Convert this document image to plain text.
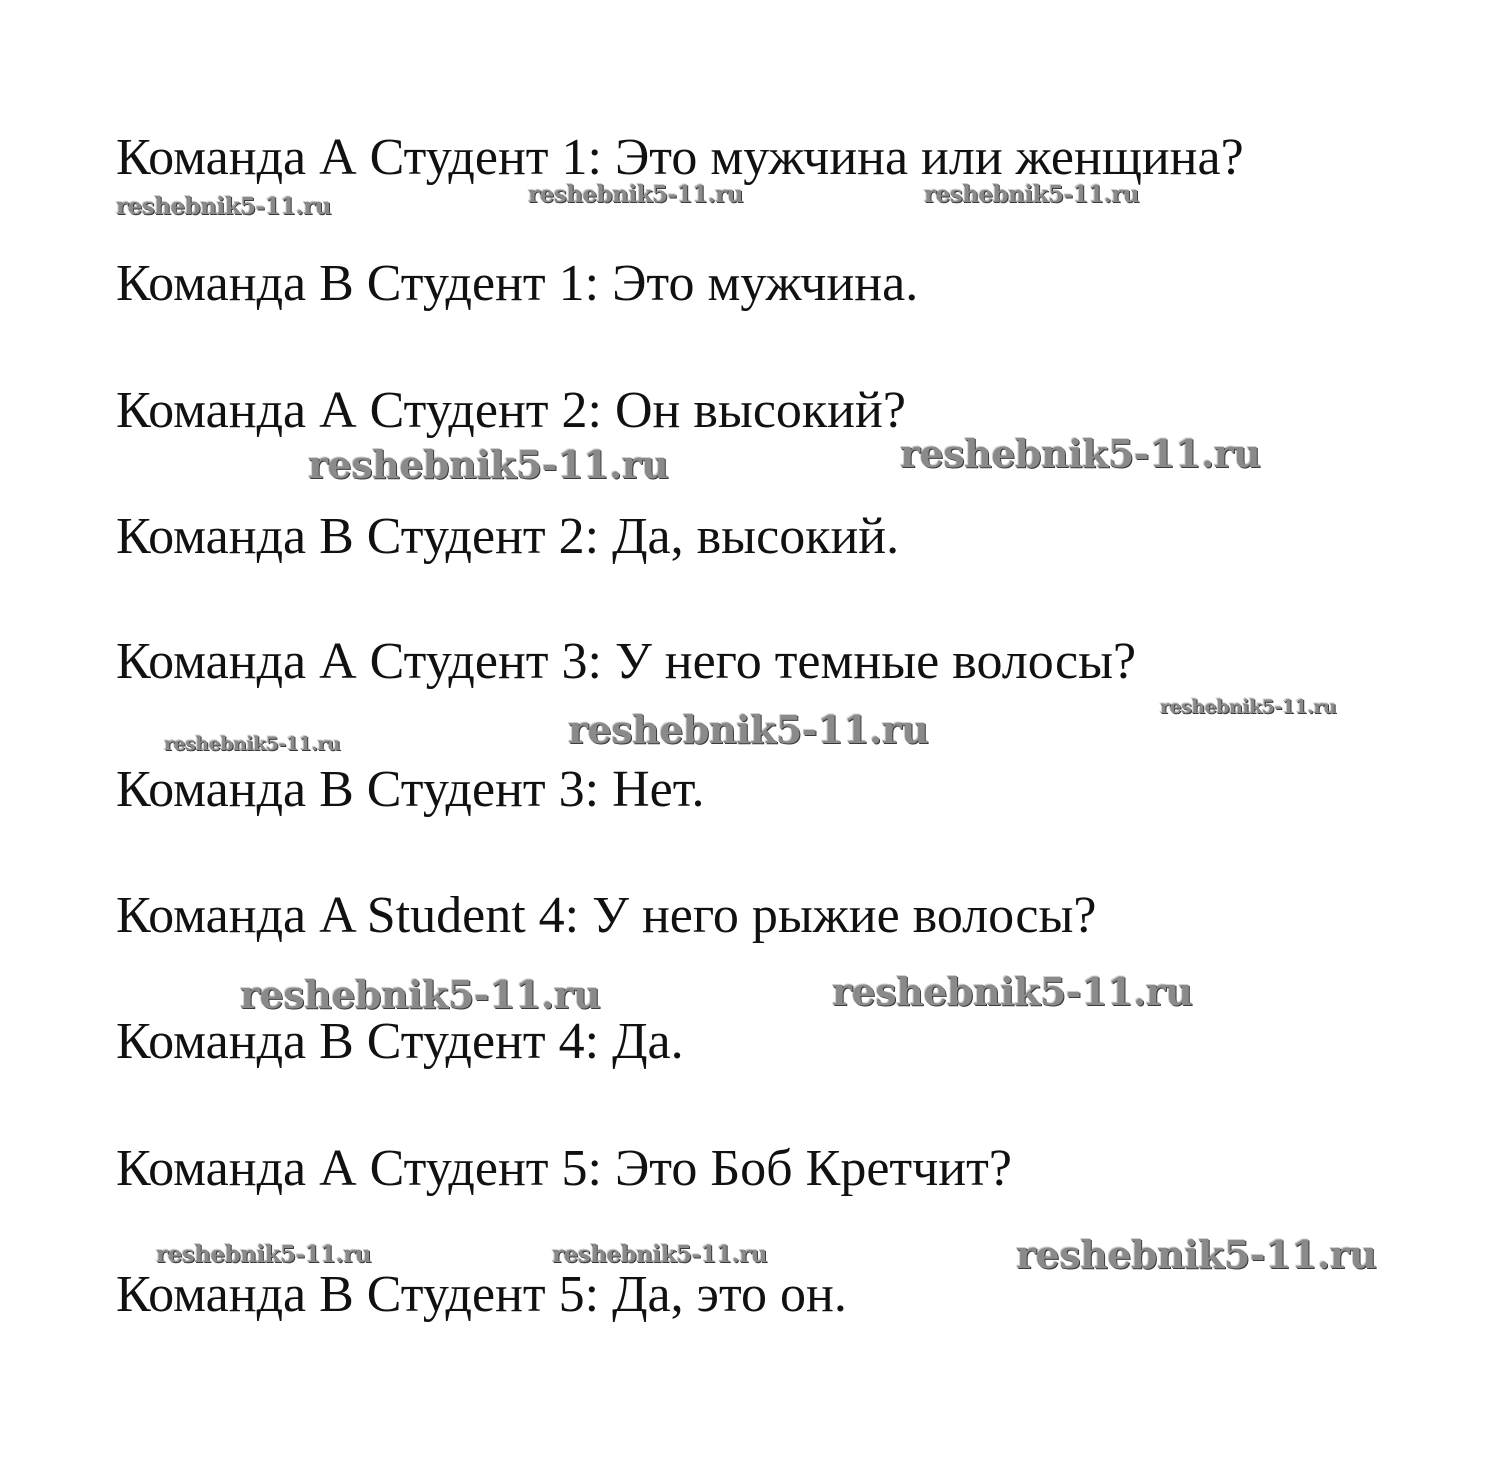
Команда А Студент 1: Это мужчина или женщина?

Команда В Студент 1: Это мужчина.

Команда А Студент 2: Он высокий?

Команда В Студент 2: Да, высокий.

Команда А Студент 3: У него темные волосы?

Команда В Студент 3: Нет.

Команда A Student 4: У него рыжие волосы?

Команда В Студент 4: Да.

Команда А Студент 5: Это Боб Кретчит?

Команда В Студент 5: Да, это он.

reshebnik5-11.ru	reshebnik5-11.ru	reshebnik5-11.ru
reshebnik5-11.ru	reshebnik5-11.ru
reshebnik5-11.ru
reshebnik5-11.ru
reshebnik5-11.ru
reshebnik5-11.ru	reshebnik5-11.ru
reshebnik5-11.ru	reshebnik5-11.ru	reshebnik5-11.ru
